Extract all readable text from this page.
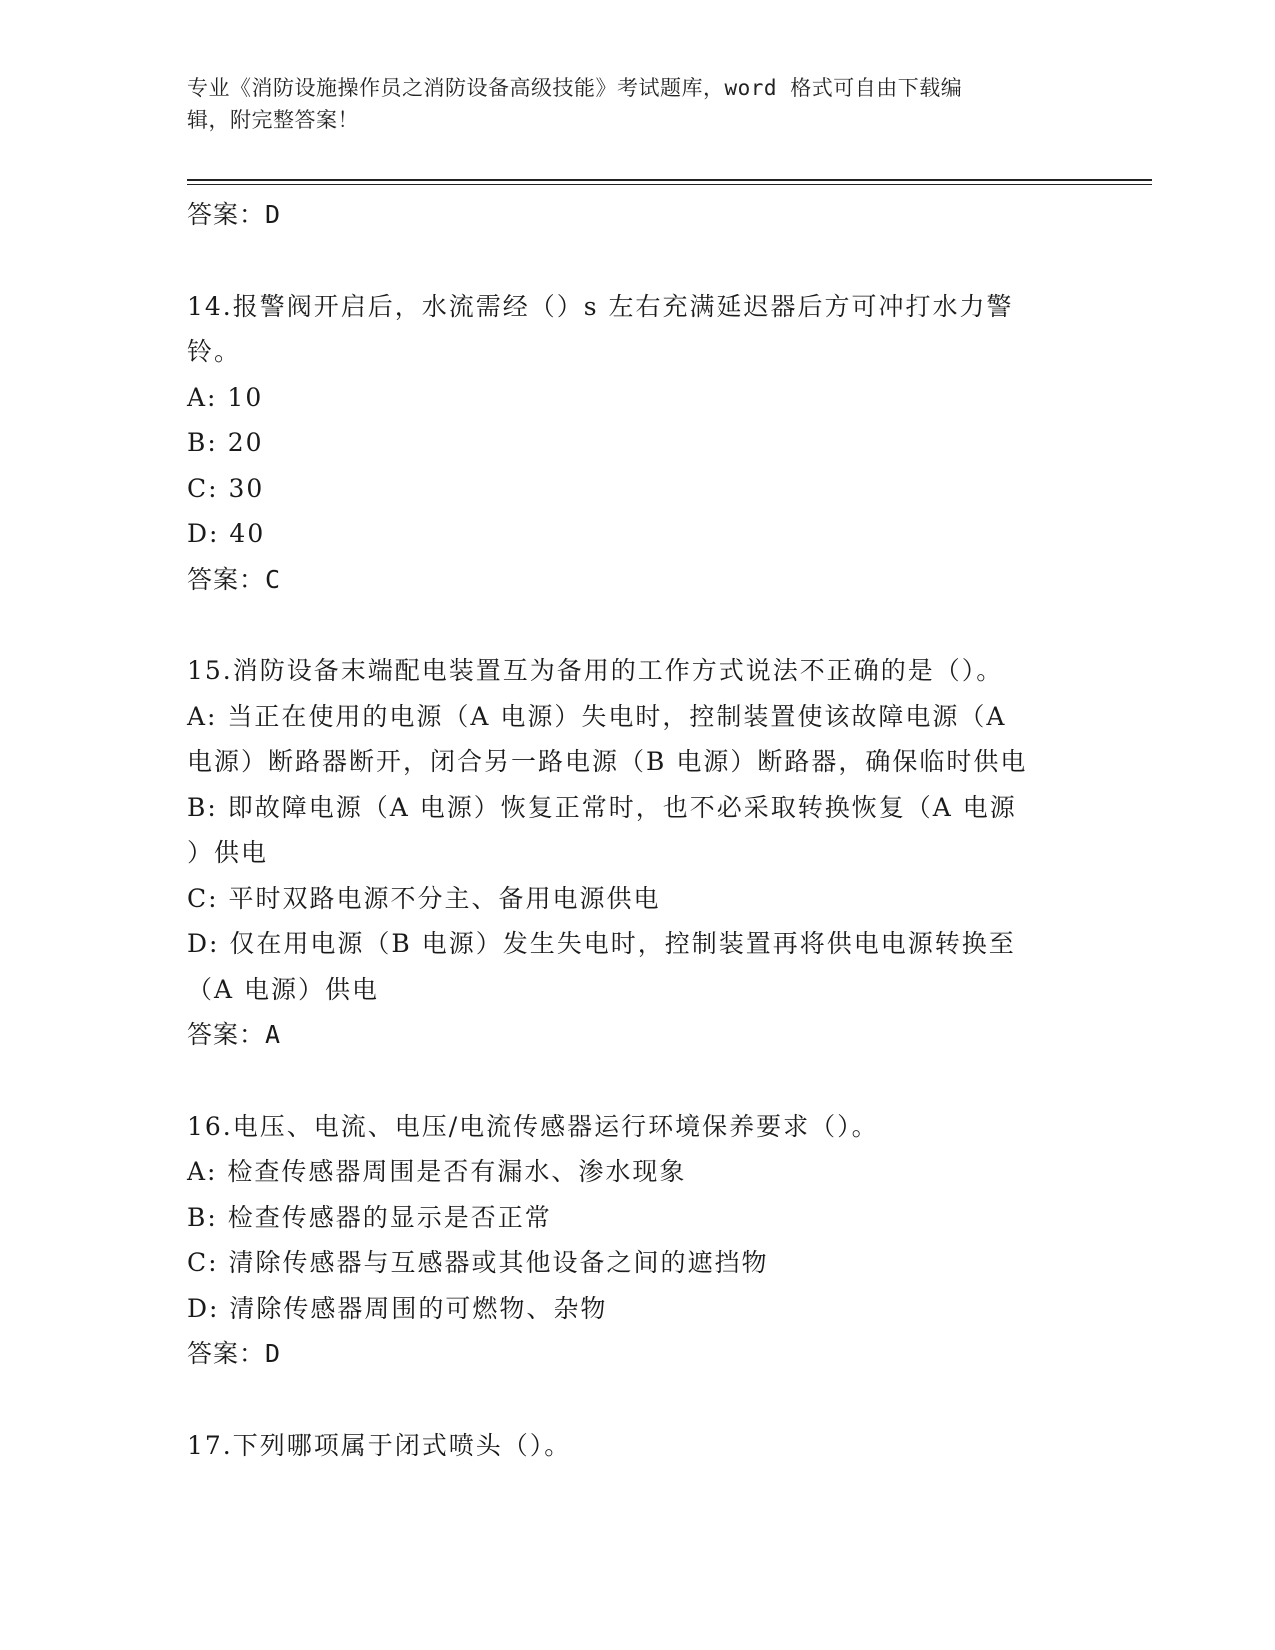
专业《消防设施操作员之消防设备高级技能》考试题库，word 格式可自由下载编
辑，附完整答案！
答案：D
14.报警阀开启后，水流需经（）s 左右充满延迟器后方可冲打水力警
铃。
A: 10
B: 20
C: 30
D: 40
答案：C
15.消防设备末端配电装置互为备用的工作方式说法不正确的是（）。
A: 当正在使用的电源（A 电源）失电时，控制装置使该故障电源（A
电源）断路器断开，闭合另一路电源（B 电源）断路器，确保临时供电
B: 即故障电源（A 电源）恢复正常时，也不必采取转换恢复（A 电源
）供电
C: 平时双路电源不分主、备用电源供电
D: 仅在用电源（B 电源）发生失电时，控制装置再将供电电源转换至
（A 电源）供电
答案：A
16.电压、电流、电压/电流传感器运行环境保养要求（）。
A: 检查传感器周围是否有漏水、渗水现象
B: 检查传感器的显示是否正常
C: 清除传感器与互感器或其他设备之间的遮挡物
D: 清除传感器周围的可燃物、杂物
答案：D
17.下列哪项属于闭式喷头（）。
